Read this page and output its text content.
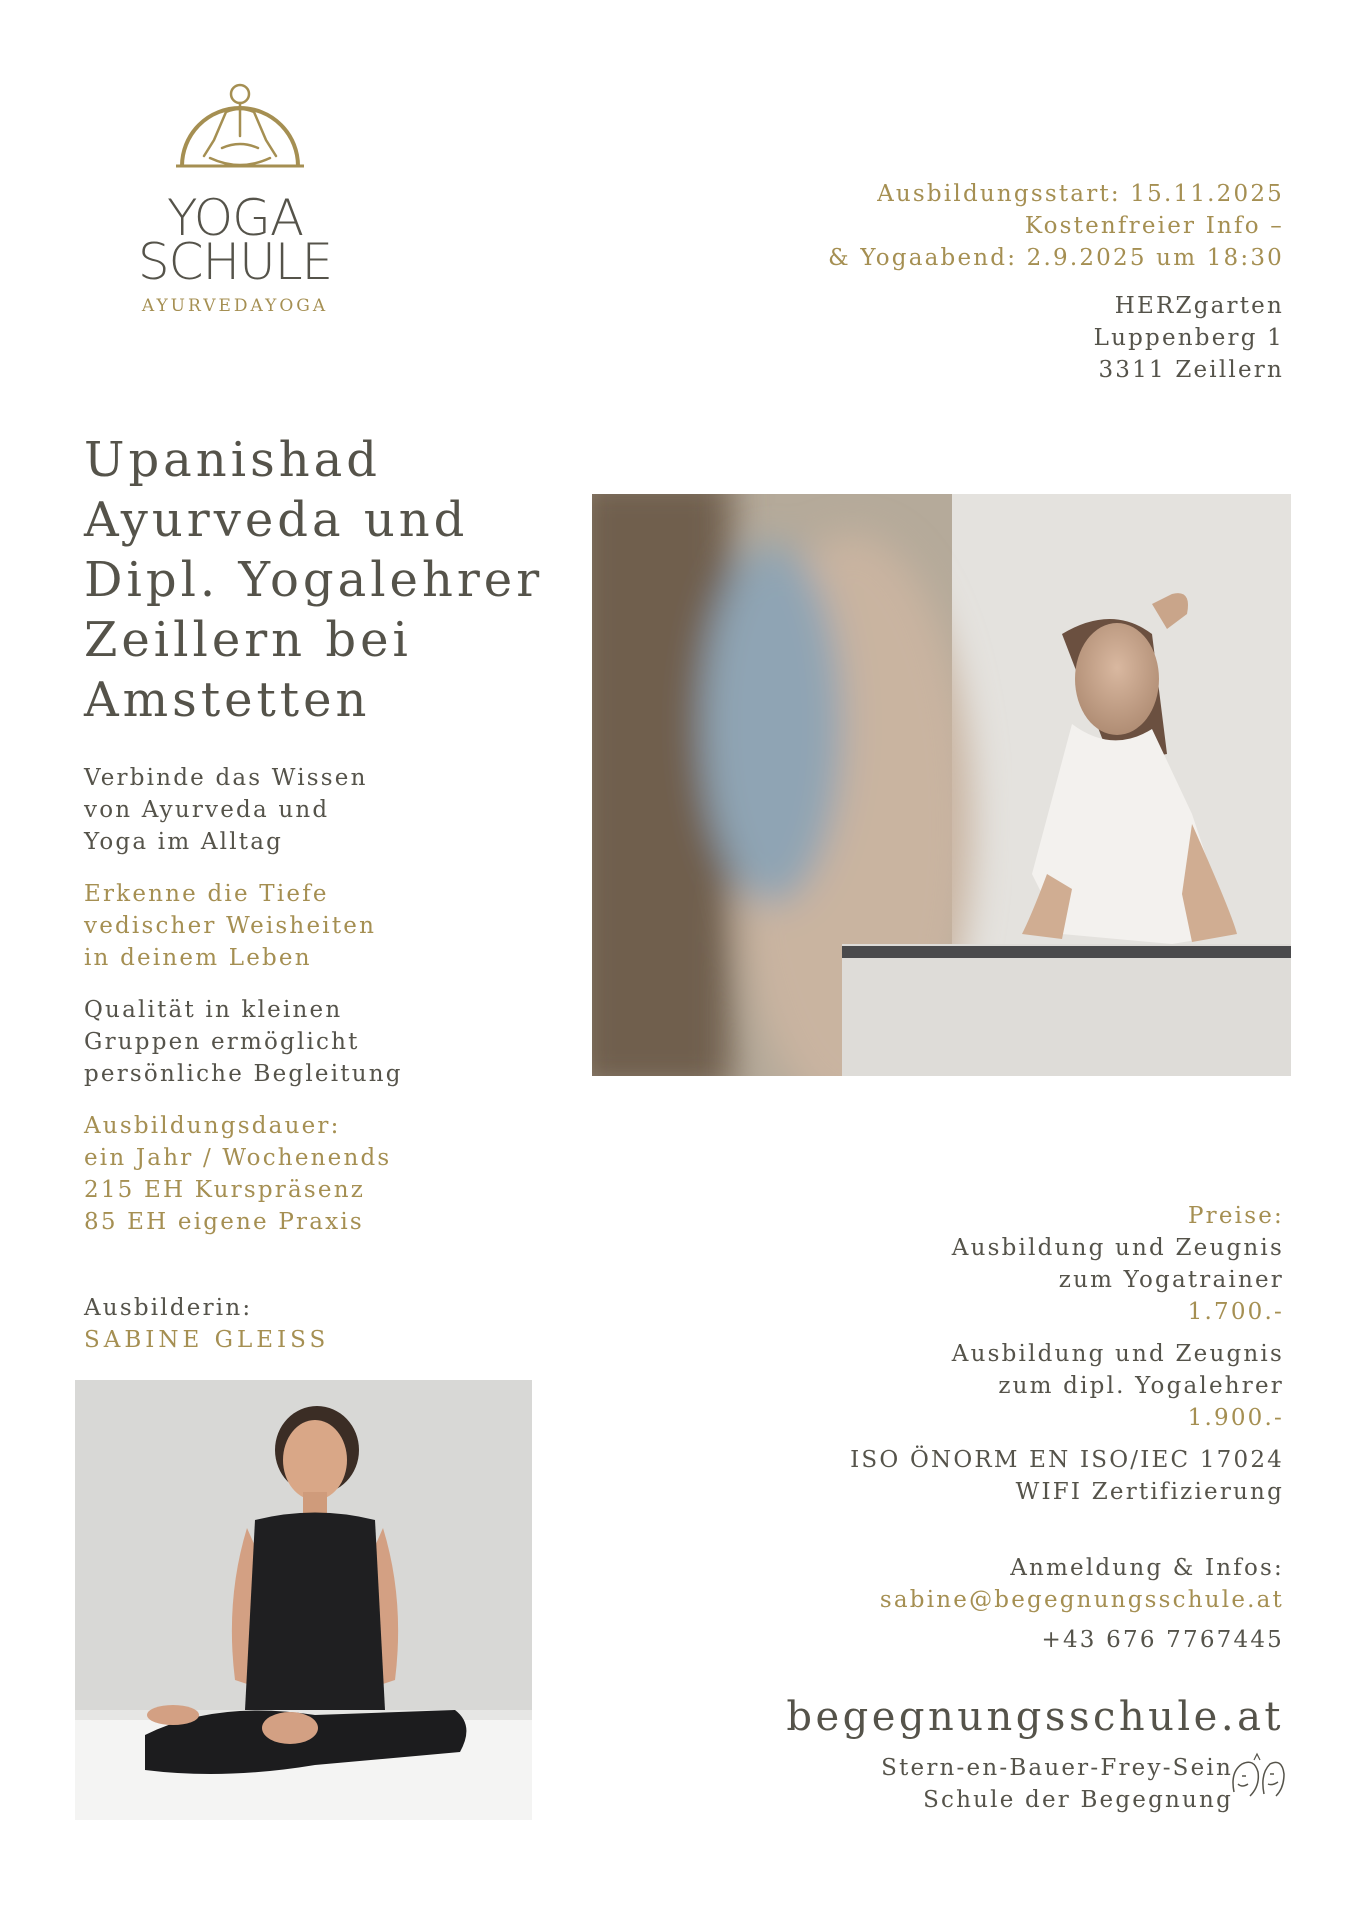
YOGA
SCHULE
AYURVEDAYOGA
Ausbildungsstart: 15.11.2025
Kostenfreier Info –
& Yogaabend: 2.9.2025 um 18:30
HERZgarten
Luppenberg 1
3311 Zeillern
Upanishad
Ayurveda und
Dipl. Yogalehrer
Zeillern bei
Amstetten
Verbinde das Wissen
von Ayurveda und
Yoga im Alltag
Erkenne die Tiefe
vedischer Weisheiten
in deinem Leben
Qualität in kleinen
Gruppen ermöglicht
persönliche Begleitung
Ausbildungsdauer:
ein Jahr / Wochenends
215 EH Kurspräsenz
85 EH eigene Praxis
Ausbilderin:
SABINE GLEISS
Preise:
Ausbildung und Zeugnis
zum Yogatrainer
1.700.-
Ausbildung und Zeugnis
zum dipl. Yogalehrer
1.900.-
ISO ÖNORM EN ISO/IEC 17024
WIFI Zertifizierung
Anmeldung & Infos:
sabine@begegnungsschule.at
+43 676 7767445
begegnungsschule.at
Stern-en-Bauer-Frey-Sein
Schule der Begegnung
